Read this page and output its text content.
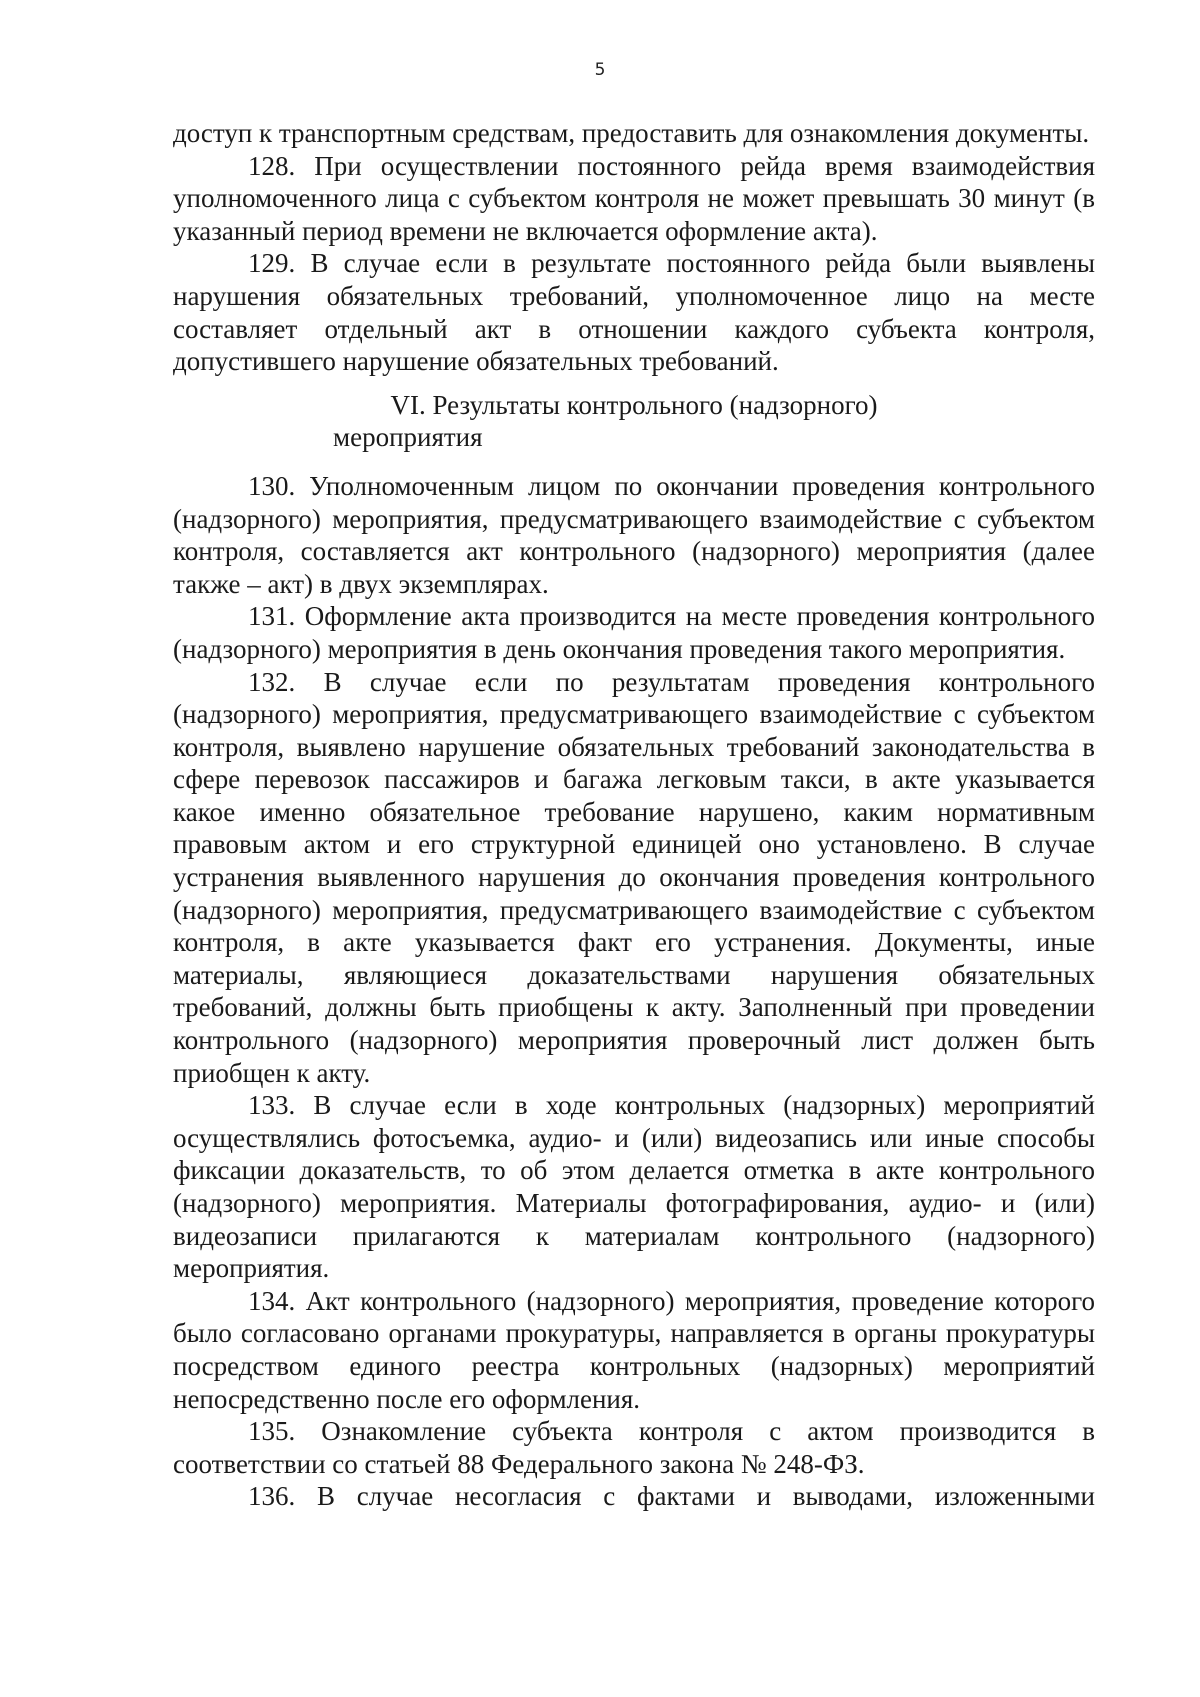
5

доступ к транспортным средствам, предоставить для ознакомления документы.

128. При осуществлении постоянного рейда время взаимодействия уполномоченного лица с субъектом контроля не может превышать 30 минут (в указанный период времени не включается оформление акта).

129. В случае если в результате постоянного рейда были выявлены нарушения обязательных требований, уполномоченное лицо на месте составляет отдельный акт в отношении каждого субъекта контроля, допустившего нарушение обязательных требований.

VI. Результаты контрольного (надзорного) мероприятия

130. Уполномоченным лицом по окончании проведения контрольного (надзорного) мероприятия, предусматривающего взаимодействие с субъектом контроля, составляется акт контрольного (надзорного) мероприятия (далее также – акт) в двух экземплярах.

131. Оформление акта производится на месте проведения контрольного (надзорного) мероприятия в день окончания проведения такого мероприятия.

132. В случае если по результатам проведения контрольного (надзорного) мероприятия, предусматривающего взаимодействие с субъектом контроля, выявлено нарушение обязательных требований законодательства в сфере перевозок пассажиров и багажа легковым такси, в акте указывается какое именно обязательное требование нарушено, каким нормативным правовым актом и его структурной единицей оно установлено. В случае устранения выявленного нарушения до окончания проведения контрольного (надзорного) мероприятия, предусматривающего взаимодействие с субъектом контроля, в акте указывается факт его устранения. Документы, иные материалы, являющиеся доказательствами нарушения обязательных требований, должны быть приобщены к акту. Заполненный при проведении контрольного (надзорного) мероприятия проверочный лист должен быть приобщен к акту.

133. В случае если в ходе контрольных (надзорных) мероприятий осуществлялись фотосъемка, аудио- и (или) видеозапись или иные способы фиксации доказательств, то об этом делается отметка в акте контрольного (надзорного) мероприятия. Материалы фотографирования, аудио- и (или) видеозаписи прилагаются к материалам контрольного (надзорного) мероприятия.

134. Акт контрольного (надзорного) мероприятия, проведение которого было согласовано органами прокуратуры, направляется в органы прокуратуры посредством единого реестра контрольных (надзорных) мероприятий непосредственно после его оформления.

135. Ознакомление субъекта контроля с актом производится в соответствии со статьей 88 Федерального закона № 248-ФЗ.

136. В случае несогласия с фактами и выводами, изложенными
